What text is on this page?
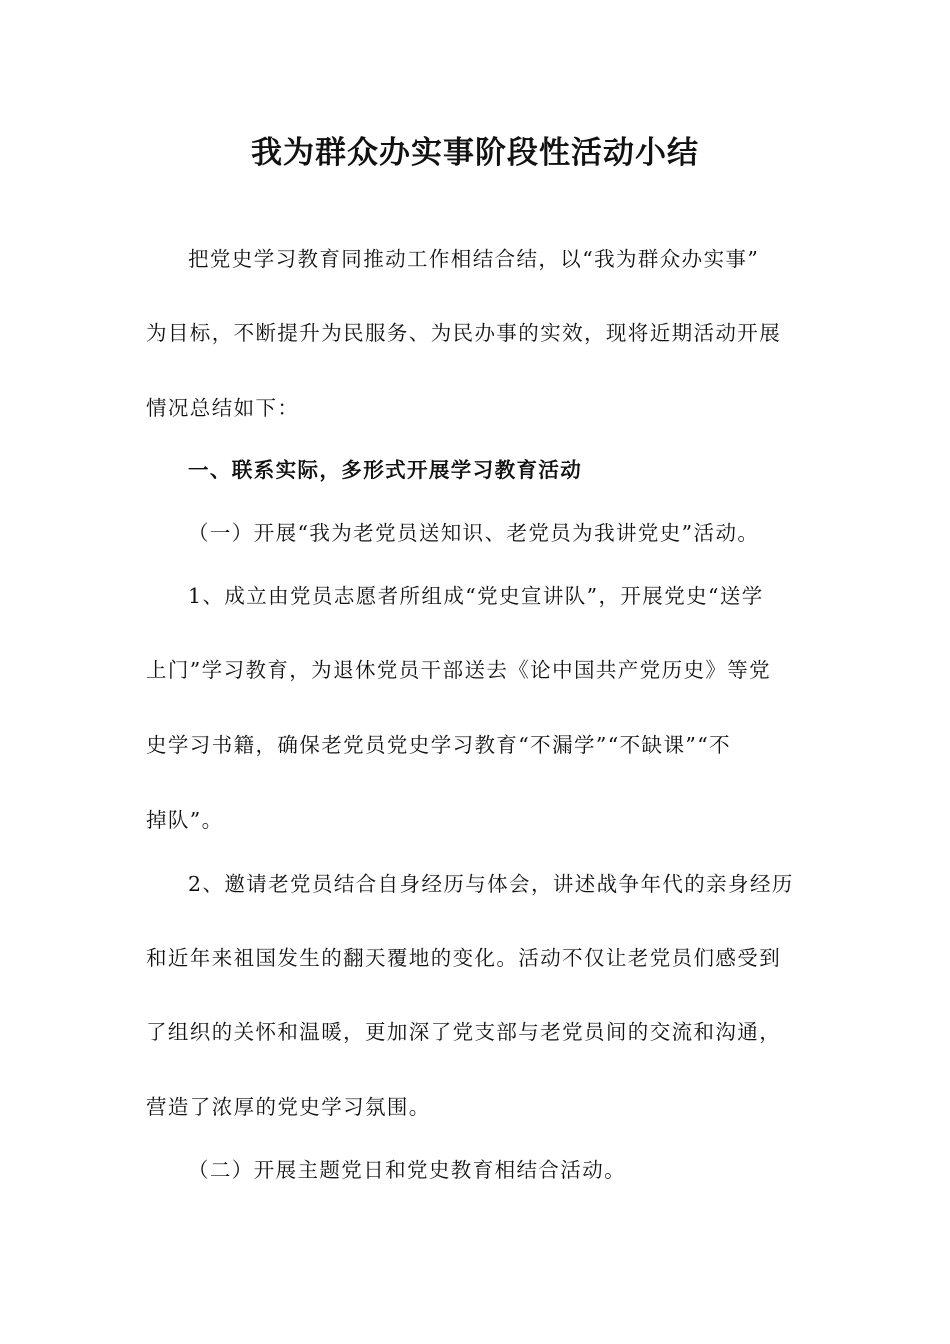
我为群众办实事阶段性活动小结
把党史学习教育同推动工作相结合结，以“我为群众办实事”
为目标，不断提升为民服务、为民办事的实效，现将近期活动开展
情况总结如下：
一、联系实际，多形式开展学习教育活动
（一）开展“我为老党员送知识、老党员为我讲党史”活动。
1、成立由党员志愿者所组成“党史宣讲队”，开展党史“送学
上门”学习教育，为退休党员干部送去《论中国共产党历史》等党
史学习书籍，确保老党员党史学习教育“不漏学”“不缺课”“不
掉队”。
2、邀请老党员结合自身经历与体会，讲述战争年代的亲身经历
和近年来祖国发生的翻天覆地的变化。活动不仅让老党员们感受到
了组织的关怀和温暖，更加深了党支部与老党员间的交流和沟通，
营造了浓厚的党史学习氛围。
（二）开展主题党日和党史教育相结合活动。
